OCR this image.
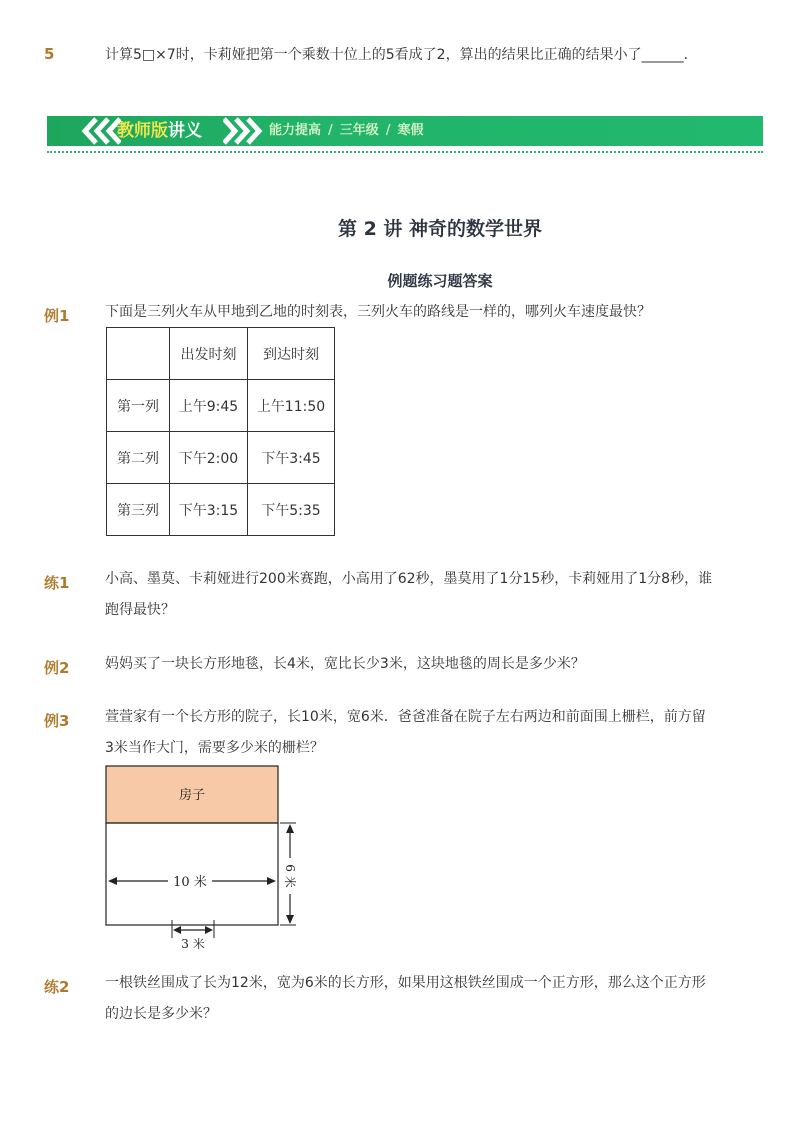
5	计算5□×7时，卡莉娅把第一个乘数十位上的5看成了2，算出的结果比正确的结果小了______．
教师版讲义	能力提高 / 三年级 / 寒假
第 2 讲 神奇的数学世界
例题练习题答案
例1	下面是三列火车从甲地到乙地的时刻表，三列火车的路线是一样的，哪列火车速度最快？
	出发时刻	到达时刻
第一列	上午9:45	上午11:50
第二列	下午2:00	下午3:45
第三列	下午3:15	下午5:35
练1	小高、墨莫、卡莉娅进行200米赛跑，小高用了62秒，墨莫用了1分15秒，卡莉娅用了1分8秒，谁
跑得最快？
例2	妈妈买了一块长方形地毯，长4米，宽比长少3米，这块地毯的周长是多少米？
例3	萱萱家有一个长方形的院子，长10米，宽6米．爸爸准备在院子左右两边和前面围上栅栏，前方留
3米当作大门，需要多少米的栅栏？
房子
10 米	6 米
3 米
练2	一根铁丝围成了长为12米，宽为6米的长方形，如果用这根铁丝围成一个正方形，那么这个正方形
的边长是多少米？
